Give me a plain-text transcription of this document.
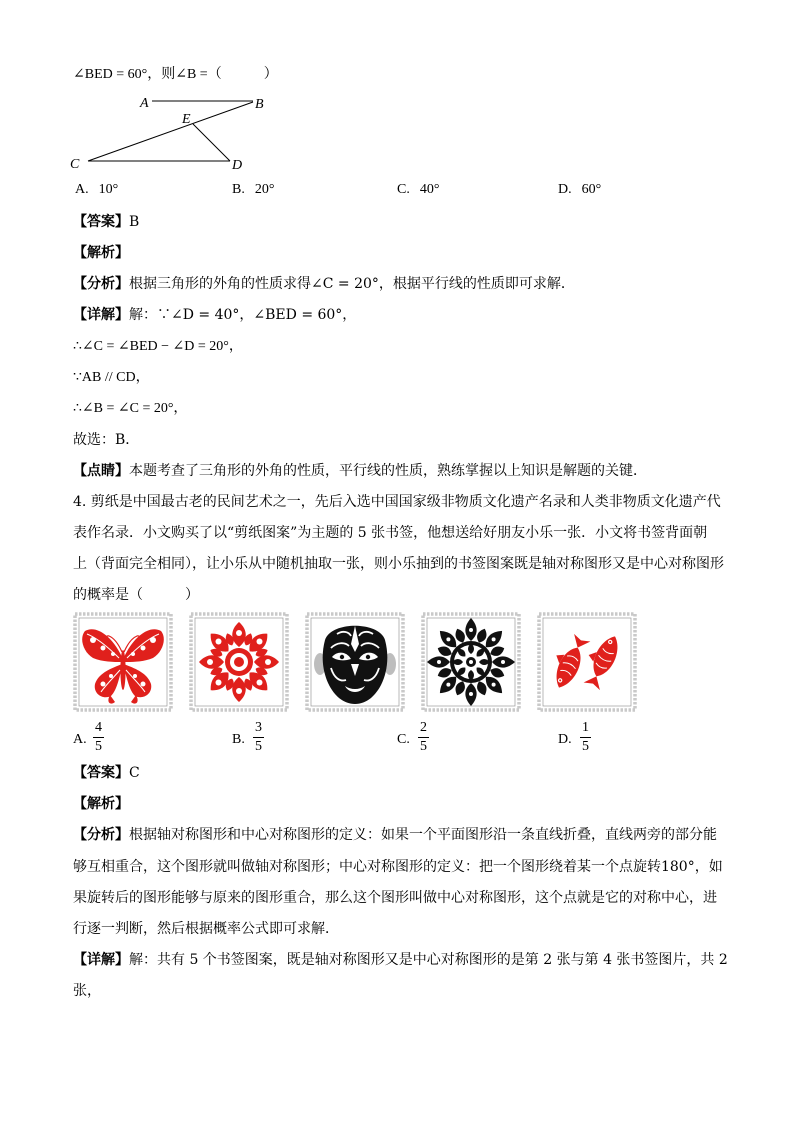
∠BED = 60°，则∠B =（　　　）
A	B
E
C	D
A. 10°	B. 20°	C. 40°	D. 60°
【答案】B
【解析】
【分析】根据三角形的外角的性质求得∠C = 20°，根据平行线的性质即可求解．
【详解】解：∵∠D = 40°，∠BED = 60°，
∴∠C = ∠BED − ∠D = 20°，
∵AB // CD，
∴∠B = ∠C = 20°，
故选：B．
【点睛】本题考查了三角形的外角的性质，平行线的性质，熟练掌握以上知识是解题的关键．
4. 剪纸是中国最古老的民间艺术之一，先后入选中国国家级非物质文化遗产名录和人类非物质文化遗产代
表作名录．小文购买了以“剪纸图案”为主题的 5 张书签，他想送给好朋友小乐一张．小文将书签背面朝
上（背面完全相同），让小乐从中随机抽取一张，则小乐抽到的书签图案既是轴对称图形又是中心对称图形
的概率是（　　　）
A. $\frac{4}{5}$	B. $\frac{3}{5}$	C. $\frac{2}{5}$	D. $\frac{1}{5}$
【答案】C
【解析】
【分析】根据轴对称图形和中心对称图形的定义：如果一个平面图形沿一条直线折叠，直线两旁的部分能
够互相重合，这个图形就叫做轴对称图形；中心对称图形的定义：把一个图形绕着某一个点旋转180°，如
果旋转后的图形能够与原来的图形重合，那么这个图形叫做中心对称图形，这个点就是它的对称中心，进
行逐一判断，然后根据概率公式即可求解．
【详解】解：共有 5 个书签图案，既是轴对称图形又是中心对称图形的是第 2 张与第 4 张书签图片，共 2
张，
